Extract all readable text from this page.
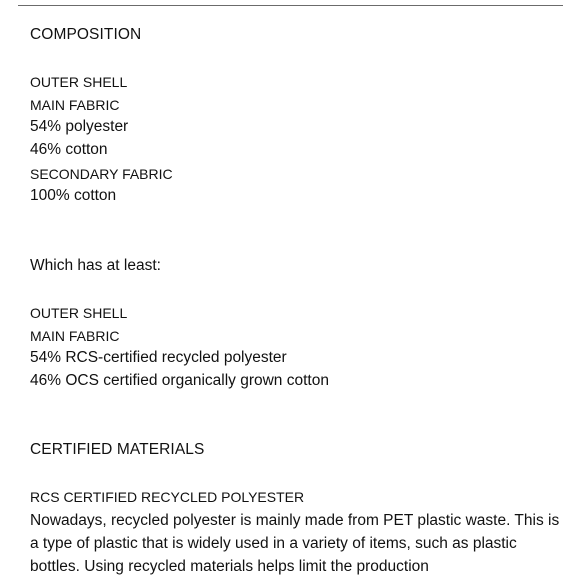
COMPOSITION
OUTER SHELL
MAIN FABRIC
54% polyester
46% cotton
SECONDARY FABRIC
100% cotton
Which has at least:
OUTER SHELL
MAIN FABRIC
54% RCS-certified recycled polyester
46% OCS certified organically grown cotton
CERTIFIED MATERIALS
RCS CERTIFIED RECYCLED POLYESTER
Nowadays, recycled polyester is mainly made from PET plastic waste. This is a type of plastic that is widely used in a variety of items, such as plastic bottles. Using recycled materials helps limit the production
